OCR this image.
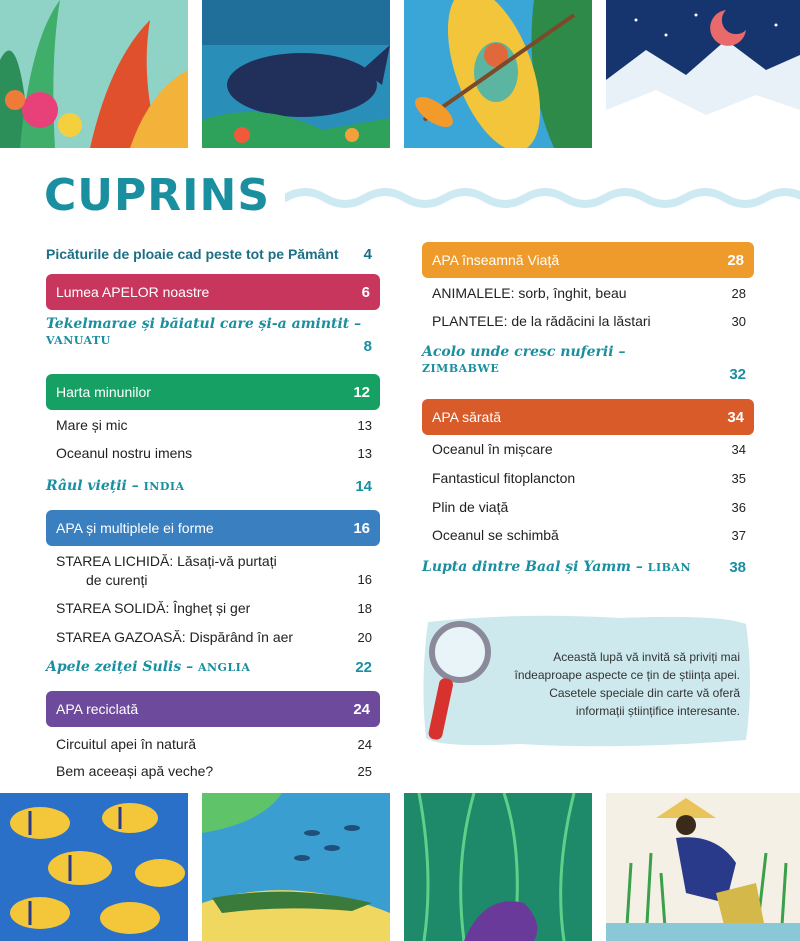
CUPRINS
Picăturile de ploaie cad peste tot pe Pământ	4
Lumea APELOR noastre	6
Tekelmarae și băiatul care și-a amintit –
VANUATU	8
Harta minunilor	12
Mare și mic	13
Oceanul nostru imens	13
Râul vieții – INDIA	14
APA și multiplele ei forme	16
STAREA LICHIDĂ: Lăsați-vă purtați
de curenți	16
STAREA SOLIDĂ: Îngheț și ger	18
STAREA GAZOASĂ: Dispărând în aer	20
Apele zeiței Sulis – ANGLIA	22
APA reciclată	24
Circuitul apei în natură	24
Bem aceeași apă veche?	25
APA înseamnă Viață	28
ANIMALELE: sorb, înghit, beau	28
PLANTELE: de la rădăcini la lăstari	30
Acolo unde cresc nuferii –
ZIMBABWE	32
APA sărată	34
Oceanul în mișcare	34
Fantasticul fitoplancton	35
Plin de viață	36
Oceanul se schimbă	37
Lupta dintre Baal și Yamm – LIBAN	38
Această lupă vă invită să priviți mai îndeaproape aspecte ce țin de știința apei. Casetele speciale din carte vă oferă informații științifice interesante.
